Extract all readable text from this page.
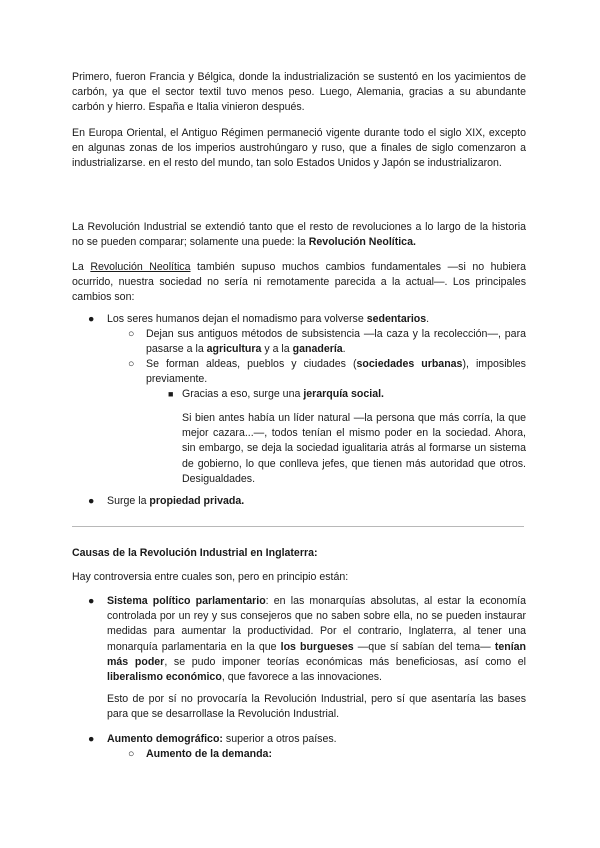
Primero, fueron Francia y Bélgica, donde la industrialización se sustentó en los yacimientos de carbón, ya que el sector textil tuvo menos peso. Luego, Alemania, gracias a su abundante carbón y hierro. España e Italia vinieron después.

En Europa Oriental, el Antiguo Régimen permaneció vigente durante todo el siglo XIX, excepto en algunas zonas de los imperios austrohúngaro y ruso, que a finales de siglo comenzaron a industrializarse. en el resto del mundo, tan solo Estados Unidos y Japón se industrializaron.

La Revolución Industrial se extendió tanto que el resto de revoluciones a lo largo de la historia no se pueden comparar; solamente una puede: la Revolución Neolítica.

La Revolución Neolítica también supuso muchos cambios fundamentales —si no hubiera ocurrido, nuestra sociedad no sería ni remotamente parecida a la actual—. Los principales cambios son:

● Los seres humanos dejan el nomadismo para volverse sedentarios.

○ Dejan sus antiguos métodos de subsistencia —la caza y la recolección—, para pasarse a la agricultura y a la ganadería.

○ Se forman aldeas, pueblos y ciudades (sociedades urbanas), imposibles previamente.

■ Gracias a eso, surge una jerarquía social.

Si bien antes había un líder natural —la persona que más corría, la que mejor cazara...—, todos tenían el mismo poder en la sociedad. Ahora, sin embargo, se deja la sociedad igualitaria atrás al formarse un sistema de gobierno, lo que conlleva jefes, que tienen más autoridad que otros. Desigualdades.

● Surge la propiedad privada.

Causas de la Revolución Industrial en Inglaterra:

Hay controversia entre cuales son, pero en principio están:

● Sistema político parlamentario: en las monarquías absolutas, al estar la economía controlada por un rey y sus consejeros que no saben sobre ella, no se pueden instaurar medidas para aumentar la productividad. Por el contrario, Inglaterra, al tener una monarquía parlamentaria en la que los burgueses —que sí sabían del tema— tenían más poder, se pudo imponer teorías económicas más beneficiosas, así como el liberalismo económico, que favorece a las innovaciones.

Esto de por sí no provocaría la Revolución Industrial, pero sí que asentaría las bases para que se desarrollase la Revolución Industrial.

● Aumento demográfico: superior a otros países.

○ Aumento de la demanda:
